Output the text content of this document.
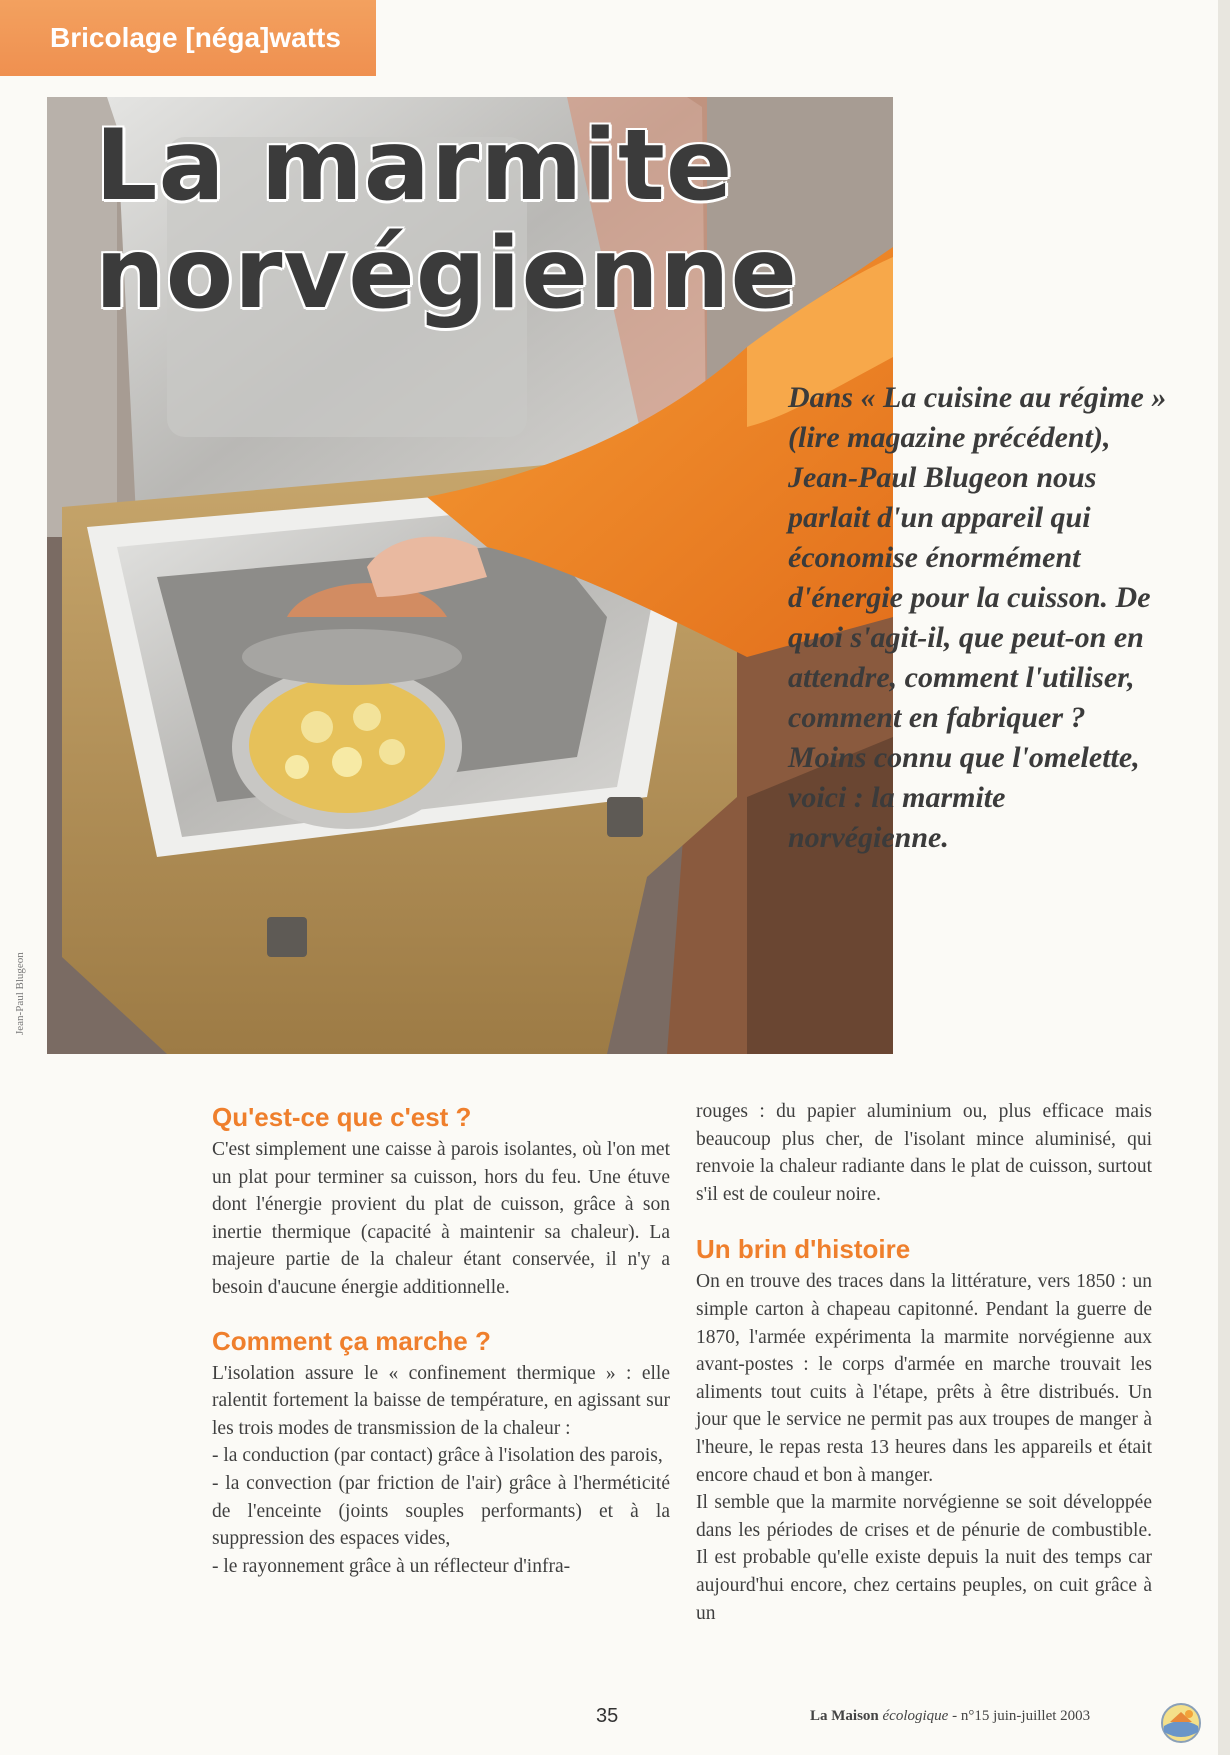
Bricolage [néga]watts
La marmite
norvégienne

Dans « La cuisine au régime » (lire magazine précédent), Jean-Paul Blugeon nous parlait d'un appareil qui économise énormément d'énergie pour la cuisson. De quoi s'agit-il, que peut-on en attendre, comment l'utiliser, comment en fabriquer ? Moins connu que l'omelette, voici : la marmite norvégienne.

Jean-Paul Blugeon
Qu'est-ce que c'est ?

C'est simplement une caisse à parois isolantes, où l'on met un plat pour terminer sa cuisson, hors du feu. Une étuve dont l'énergie provient du plat de cuisson, grâce à son inertie thermique (capacité à maintenir sa chaleur). La majeure partie de la chaleur étant conservée, il n'y a besoin d'aucune énergie additionnelle.

Comment ça marche ?

L'isolation assure le « confinement thermique » : elle ralentit fortement la baisse de température, en agissant sur les trois modes de transmission de la chaleur :

- la conduction (par contact) grâce à l'isolation des parois,

- la convection (par friction de l'air) grâce à l'herméticité de l'enceinte (joints souples performants) et à la suppression des espaces vides,

- le rayonnement grâce à un réflecteur d'infra-

rouges : du papier aluminium ou, plus efficace mais beaucoup plus cher, de l'isolant mince aluminisé, qui renvoie la chaleur radiante dans le plat de cuisson, surtout s'il est de couleur noire.

Un brin d'histoire

On en trouve des traces dans la littérature, vers 1850 : un simple carton à chapeau capitonné. Pendant la guerre de 1870, l'armée expérimenta la marmite norvégienne aux avant-postes : le corps d'armée en marche trouvait les aliments tout cuits à l'étape, prêts à être distribués. Un jour que le service ne permit pas aux troupes de manger à l'heure, le repas resta 13 heures dans les appareils et était encore chaud et bon à manger.

Il semble que la marmite norvégienne se soit développée dans les périodes de crises et de pénurie de combustible. Il est probable qu'elle existe depuis la nuit des temps car aujourd'hui encore, chez certains peuples, on cuit grâce à un

35	La Maison écologique - n°15 juin-juillet 2003
